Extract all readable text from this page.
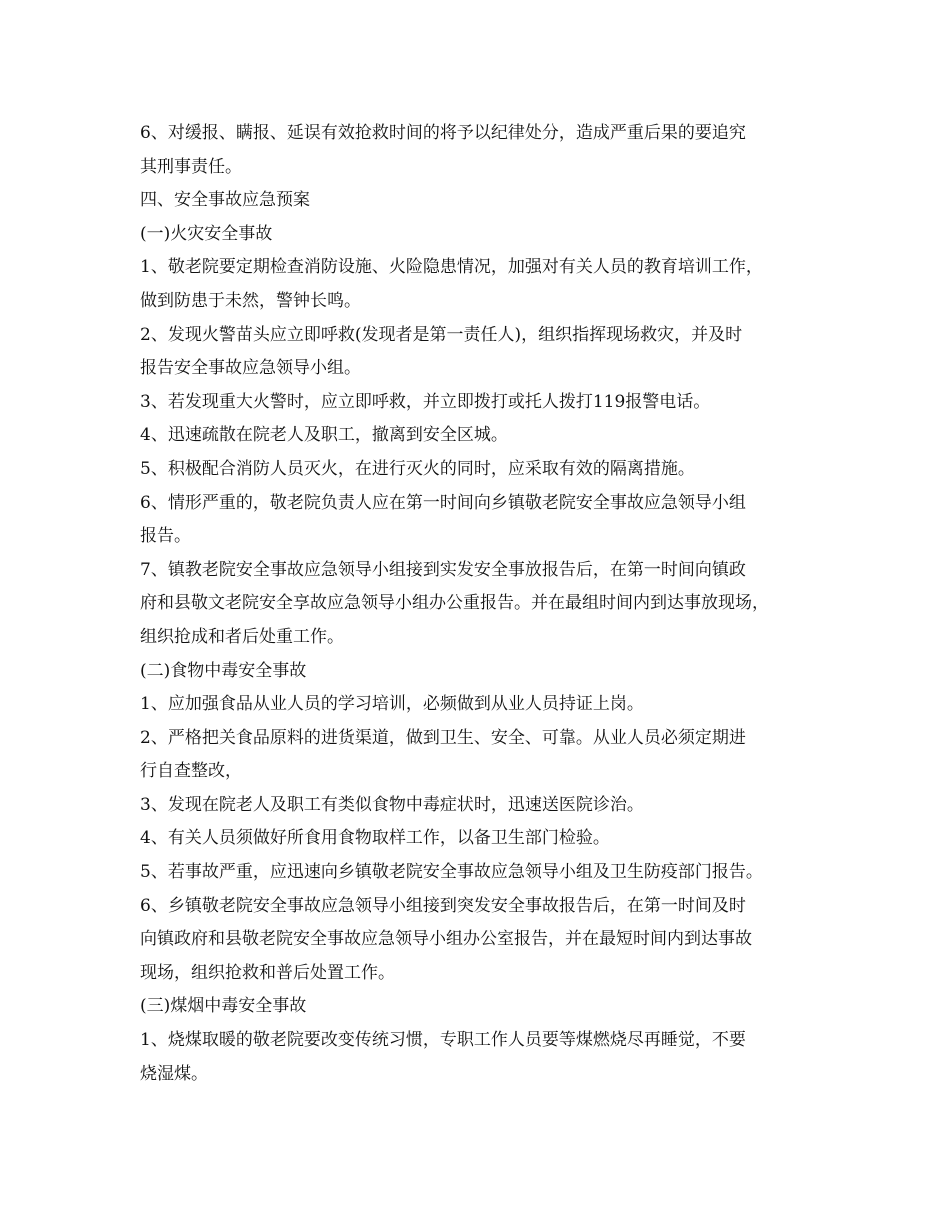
6、对缓报、瞒报、延误有效抢救时间的将予以纪律处分，造成严重后果的要追究
其刑事责任。
四、安全事故应急预案
(一)火灾安全事故
1、敬老院要定期检查消防设施、火险隐患情况，加强对有关人员的教育培训工作，
做到防患于未然，警钟长鸣。
2、发现火警苗头应立即呼救(发现者是第一责任人)，组织指挥现场救灾，并及时
报告安全事故应急领导小组。
3、若发现重大火警时，应立即呼救，并立即拨打或托人拨打119报警电话。
4、迅速疏散在院老人及职工，撤离到安全区城。
5、积极配合消防人员灭火，在进行灭火的同时，应采取有效的隔离措施。
6、情形严重的，敬老院负责人应在第一时间向乡镇敬老院安全事故应急领导小组
报告。
7、镇教老院安全事故应急领导小组接到实发安全事放报告后，在第一时间向镇政
府和县敬文老院安全享故应急领导小组办公重报告。并在最组时间内到达事放现场，
组织抢成和者后处重工作。
(二)食物中毒安全事故
1、应加强食品从业人员的学习培训，必频做到从业人员持证上岗。
2、严格把关食品原料的进货渠道，做到卫生、安全、可靠。从业人员必须定期进
行自查整改，
3、发现在院老人及职工有类似食物中毒症状时，迅速送医院诊治。
4、有关人员须做好所食用食物取样工作，以备卫生部门检验。
5、若事故严重，应迅速向乡镇敬老院安全事故应急领导小组及卫生防疫部门报告。
6、乡镇敬老院安全事故应急领导小组接到突发安全事故报告后，在第一时间及时
向镇政府和县敬老院安全事故应急领导小组办公室报告，并在最短时间内到达事故
现场，组织抢救和普后处置工作。
(三)煤烟中毒安全事故
1、烧煤取暖的敬老院要改变传统习惯，专职工作人员要等煤燃烧尽再睡觉，不要
烧湿煤。
